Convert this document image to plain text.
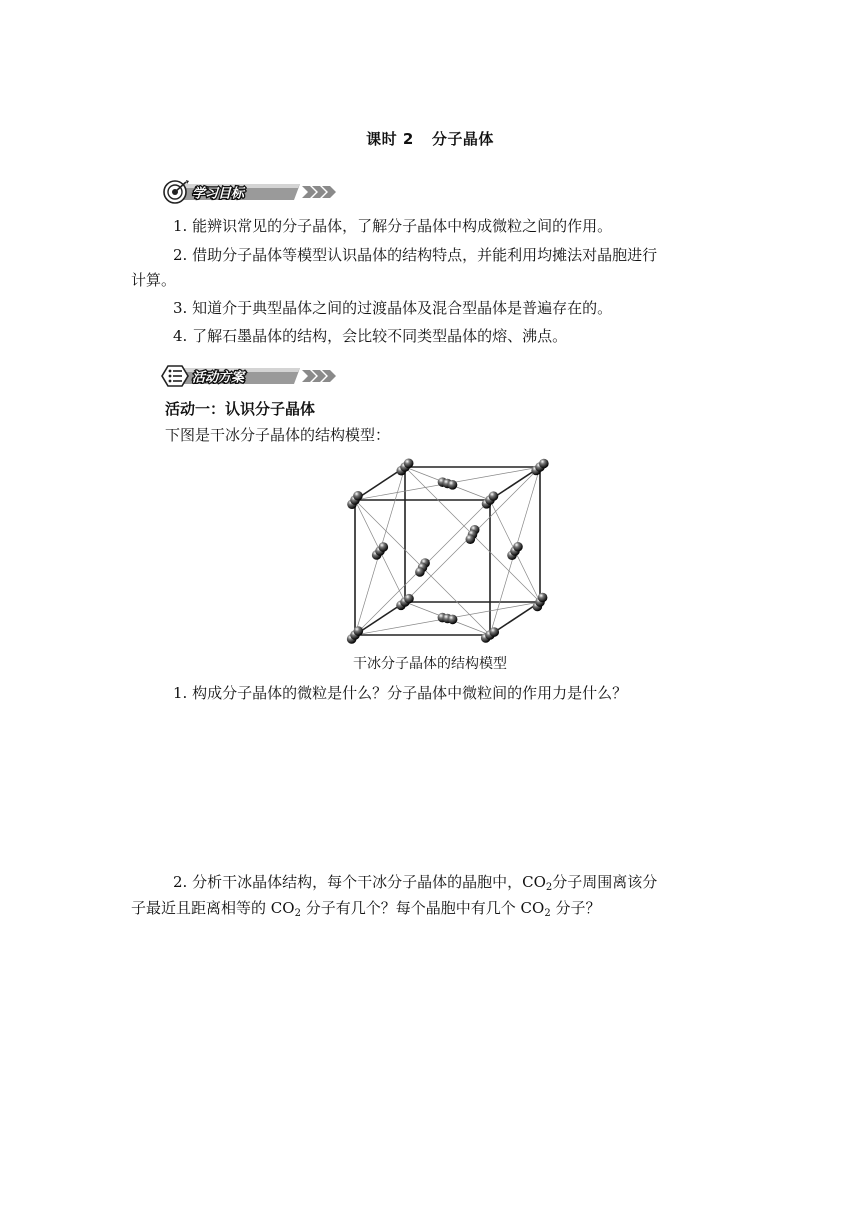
课时 2 分子晶体
学习目标
1. 能辨识常见的分子晶体，了解分子晶体中构成微粒之间的作用。
2. 借助分子晶体等模型认识晶体的结构特点，并能利用均摊法对晶胞进行
计算。
3. 知道介于典型晶体之间的过渡晶体及混合型晶体是普遍存在的。
4. 了解石墨晶体的结构，会比较不同类型晶体的熔、沸点。
活动方案
活动一：认识分子晶体
下图是干冰分子晶体的结构模型：
干冰分子晶体的结构模型
1. 构成分子晶体的微粒是什么？分子晶体中微粒间的作用力是什么？
2. 分析干冰晶体结构，每个干冰分子晶体的晶胞中，$CO_2$分子周围离该分
子最近且距离相等的 $CO_2$ 分子有几个？每个晶胞中有几个 $CO_2$ 分子？
